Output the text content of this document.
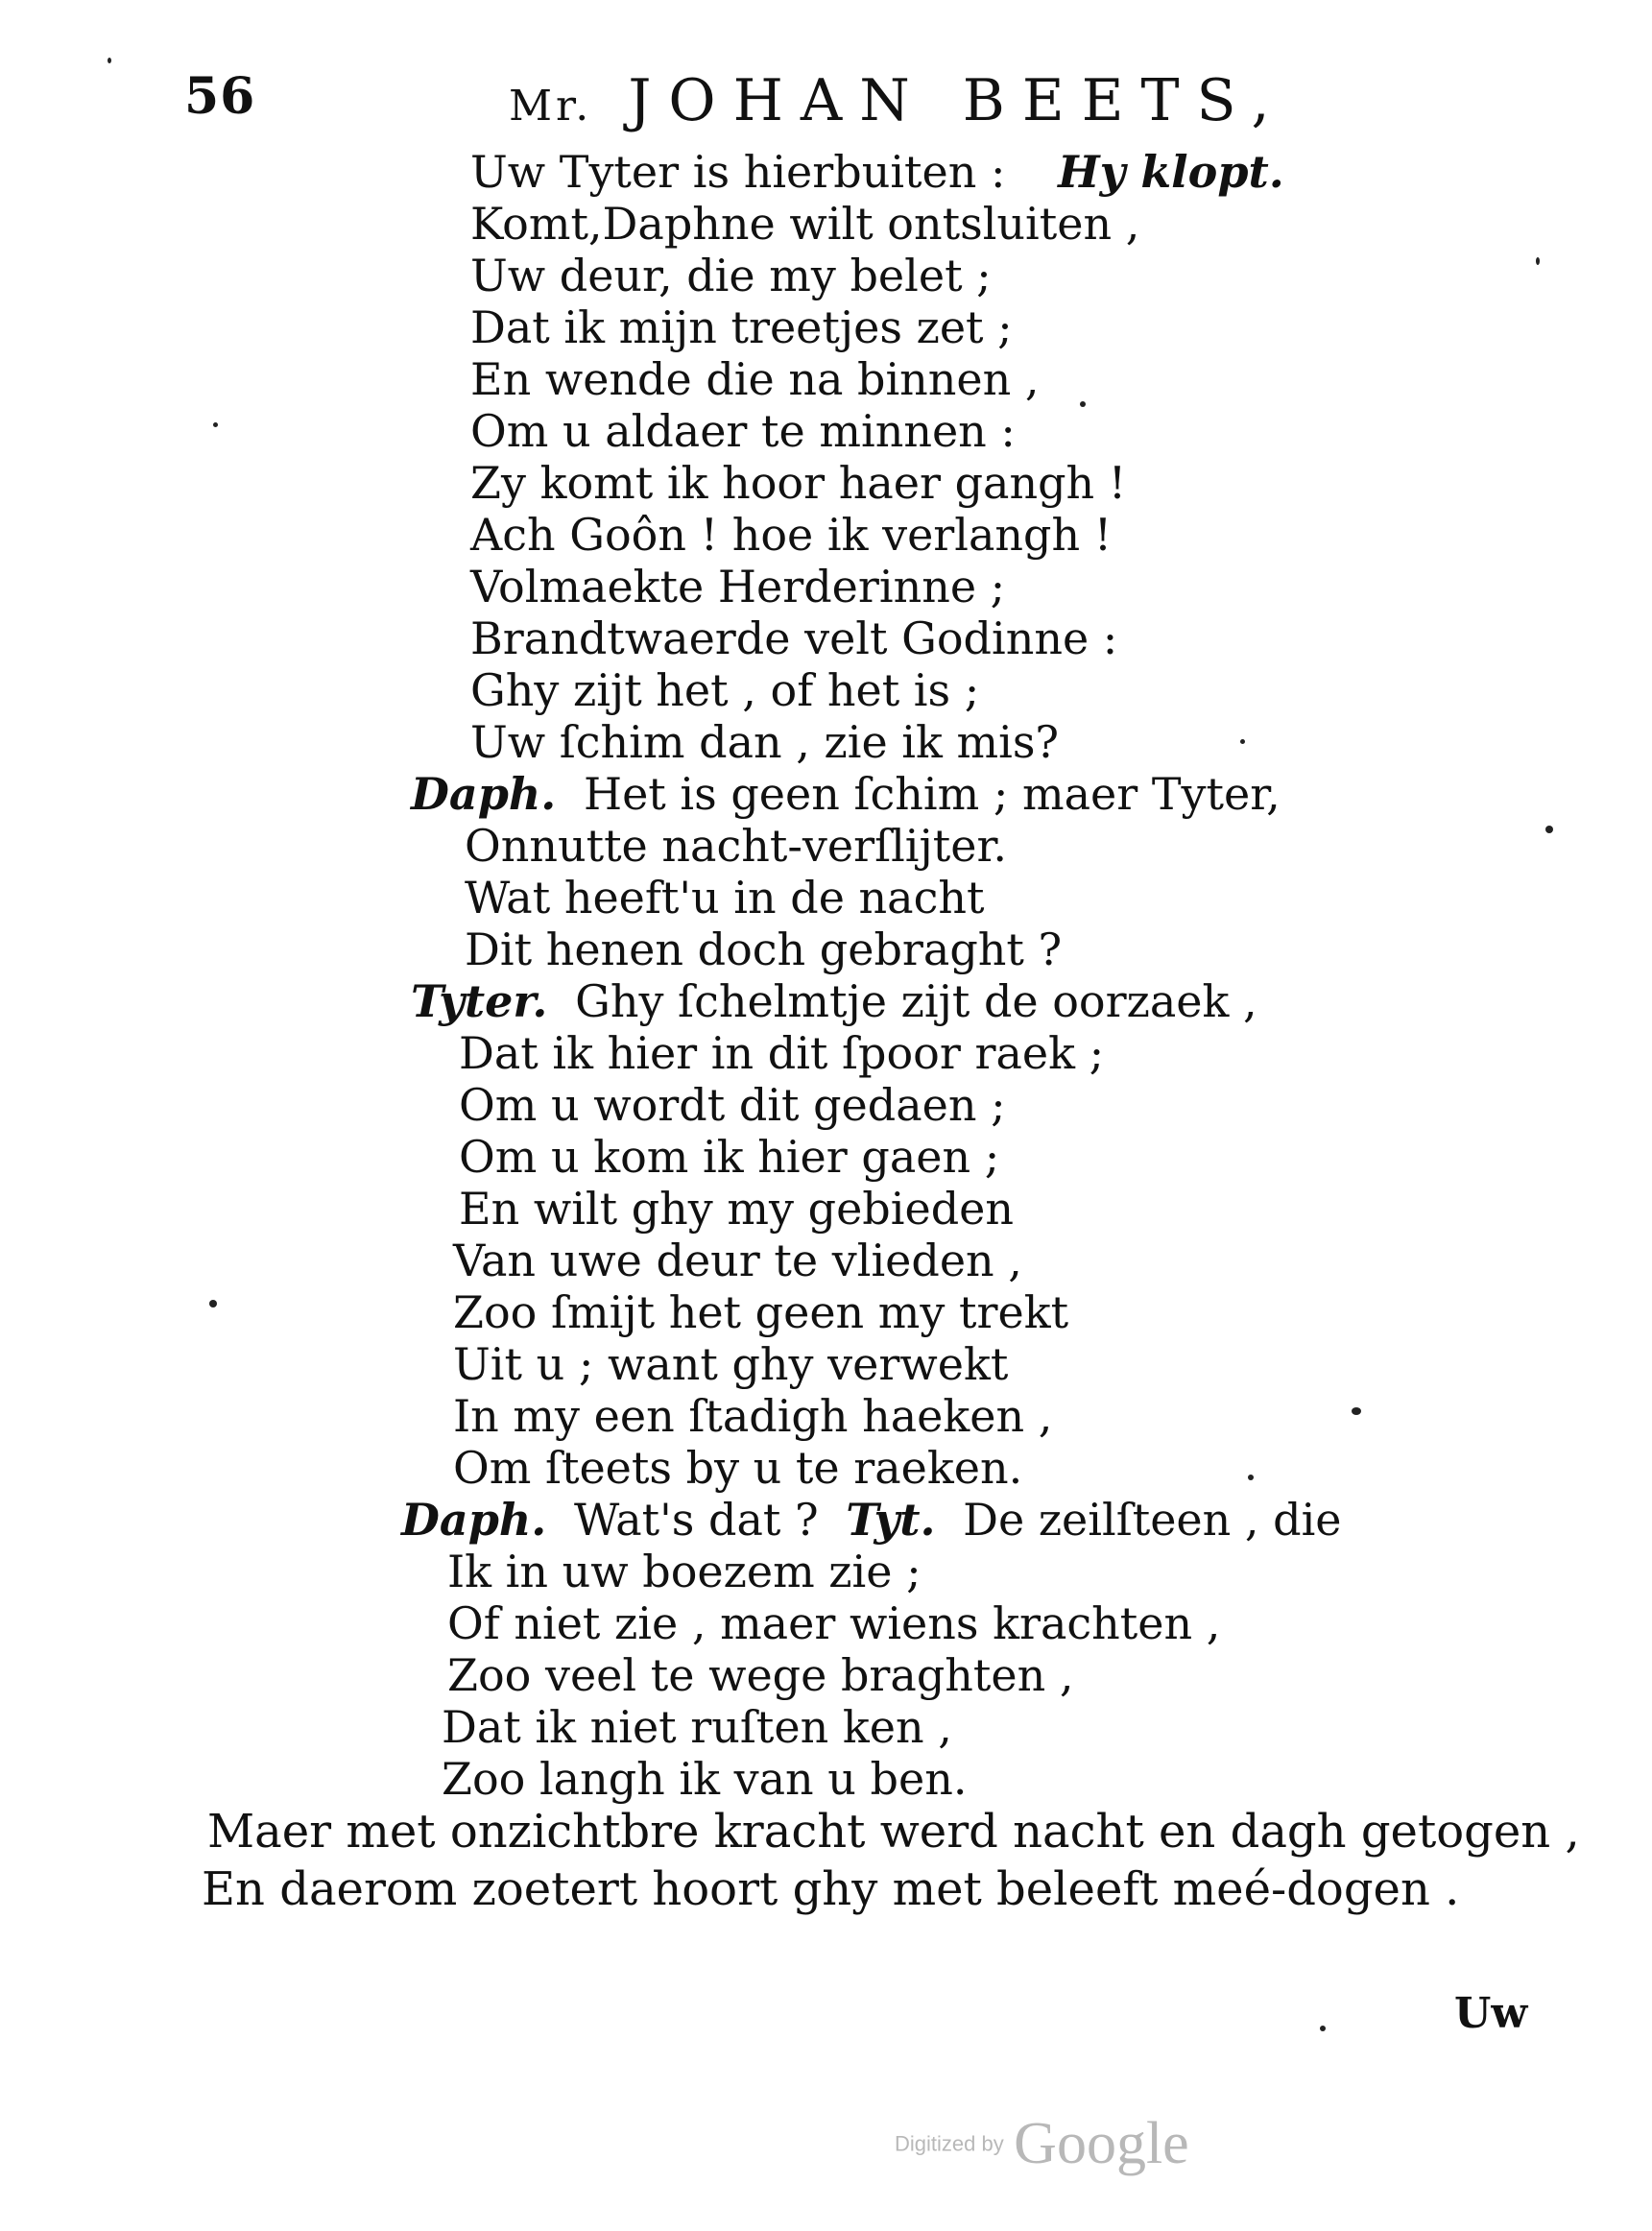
56	Mr. JOHAN BEETS,
Uw Tyter is hierbuiten : Hy klopt.
Komt,Daphne wilt ontsluiten ,
Uw deur, die my belet ;
Dat ik mijn treetjes zet ;
En wende die na binnen ,
Om u aldaer te minnen :
Zy komt ik hoor haer gangh !
Ach Goôn ! hoe ik verlangh !
Volmaekte Herderinne ;
Brandtwaerde velt Godinne :
Ghy zijt het , of het is ;
Uw ſchim dan , zie ik mis?
Daph. Het is geen ſchim ; maer Tyter,
Onnutte nacht-verſlijter.
Wat heeft'u in de nacht
Dit henen doch gebraght ?
Tyter. Ghy ſchelmtje zijt de oorzaek ,
Dat ik hier in dit ſpoor raek ;
Om u wordt dit gedaen ;
Om u kom ik hier gaen ;
En wilt ghy my gebieden
Van uwe deur te vlieden ,
Zoo ſmijt het geen my trekt
Uit u ; want ghy verwekt
In my een ſtadigh haeken ,
Om ſteets by u te raeken.
Daph. Wat's dat ? Tyt. De zeilſteen , die
Ik in uw boezem zie ;
Of niet zie , maer wiens krachten ,
Zoo veel te wege braghten ,
Dat ik niet ruſten ken ,
Zoo langh ik van u ben.
Maer met onzichtbre kracht werd nacht en dagh getogen ,
En daerom zoetert hoort ghy met beleeft meé-dogen .
Uw
Digitized by Google
